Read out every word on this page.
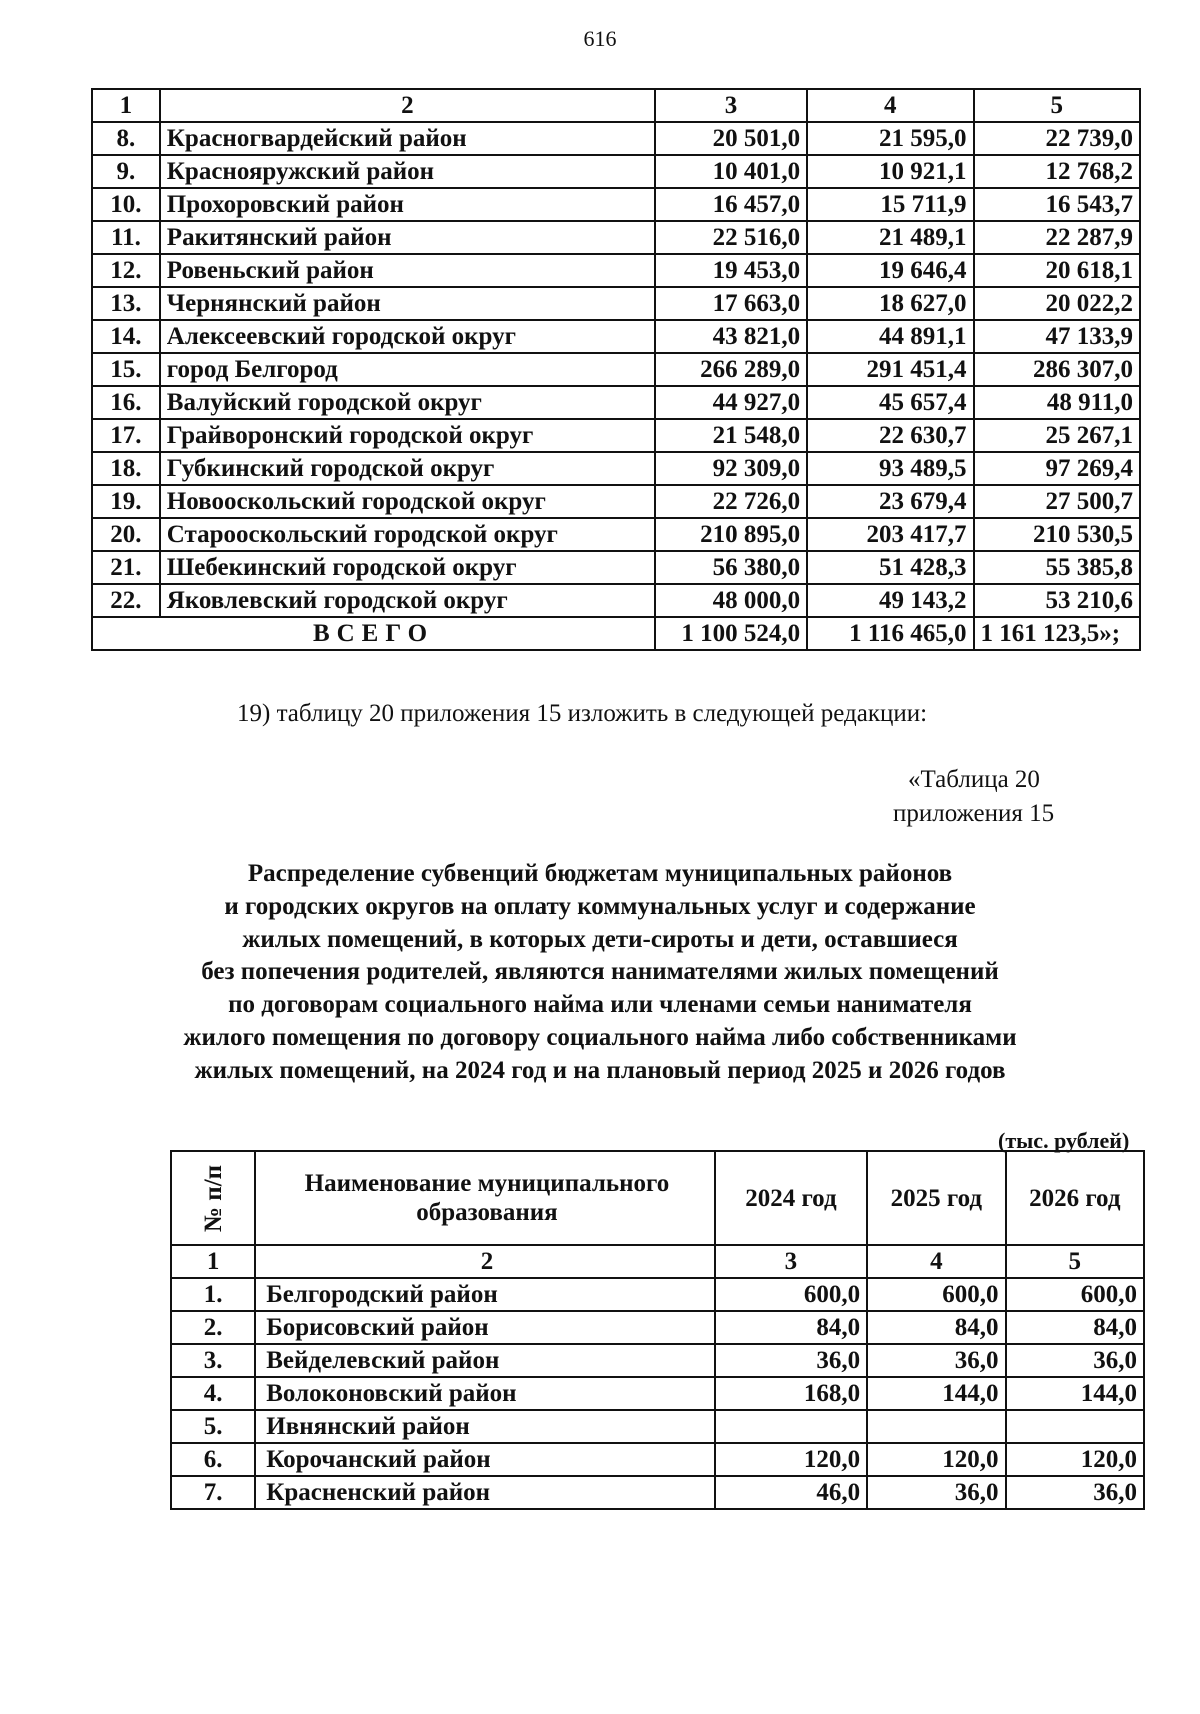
616
1	2	3	4	5
8.	Красногвардейский район	20 501,0	21 595,0	22 739,0
9.	Краснояружский район	10 401,0	10 921,1	12 768,2
10.	Прохоровский район	16 457,0	15 711,9	16 543,7
11.	Ракитянский район	22 516,0	21 489,1	22 287,9
12.	Ровеньский район	19 453,0	19 646,4	20 618,1
13.	Чернянский район	17 663,0	18 627,0	20 022,2
14.	Алексеевский городской округ	43 821,0	44 891,1	47 133,9
15.	город Белгород	266 289,0	291 451,4	286 307,0
16.	Валуйский городской округ	44 927,0	45 657,4	48 911,0
17.	Грайворонский городской округ	21 548,0	22 630,7	25 267,1
18.	Губкинский городской округ	92 309,0	93 489,5	97 269,4
19.	Новооскольский городской округ	22 726,0	23 679,4	27 500,7
20.	Старооскольский городской округ	210 895,0	203 417,7	210 530,5
21.	Шебекинский городской округ	56 380,0	51 428,3	55 385,8
22.	Яковлевский городской округ	48 000,0	49 143,2	53 210,6
ВСЕГО		1 100 524,0	1 116 465,0	1 161 123,5»;
19) таблицу 20 приложения 15 изложить в следующей редакции:
«Таблица 20
приложения 15
Распределение субвенций бюджетам муниципальных районов
и городских округов на оплату коммунальных услуг и содержание
жилых помещений, в которых дети-сироты и дети, оставшиеся
без попечения родителей, являются нанимателями жилых помещений
по договорам социального найма или членами семьи нанимателя
жилого помещения по договору социального найма либо собственниками
жилых помещений, на 2024 год и на плановый период 2025 и 2026 годов
(тыс. рублей)
№ п/п	Наименование муниципального образования	2024 год	2025 год	2026 год
1	2	3	4	5
1.	Белгородский район	600,0	600,0	600,0
2.	Борисовский район	84,0	84,0	84,0
3.	Вейделевский район	36,0	36,0	36,0
4.	Волоконовский район	168,0	144,0	144,0
5.	Ивнянский район			
6.	Корочанский район	120,0	120,0	120,0
7.	Красненский район	46,0	36,0	36,0
